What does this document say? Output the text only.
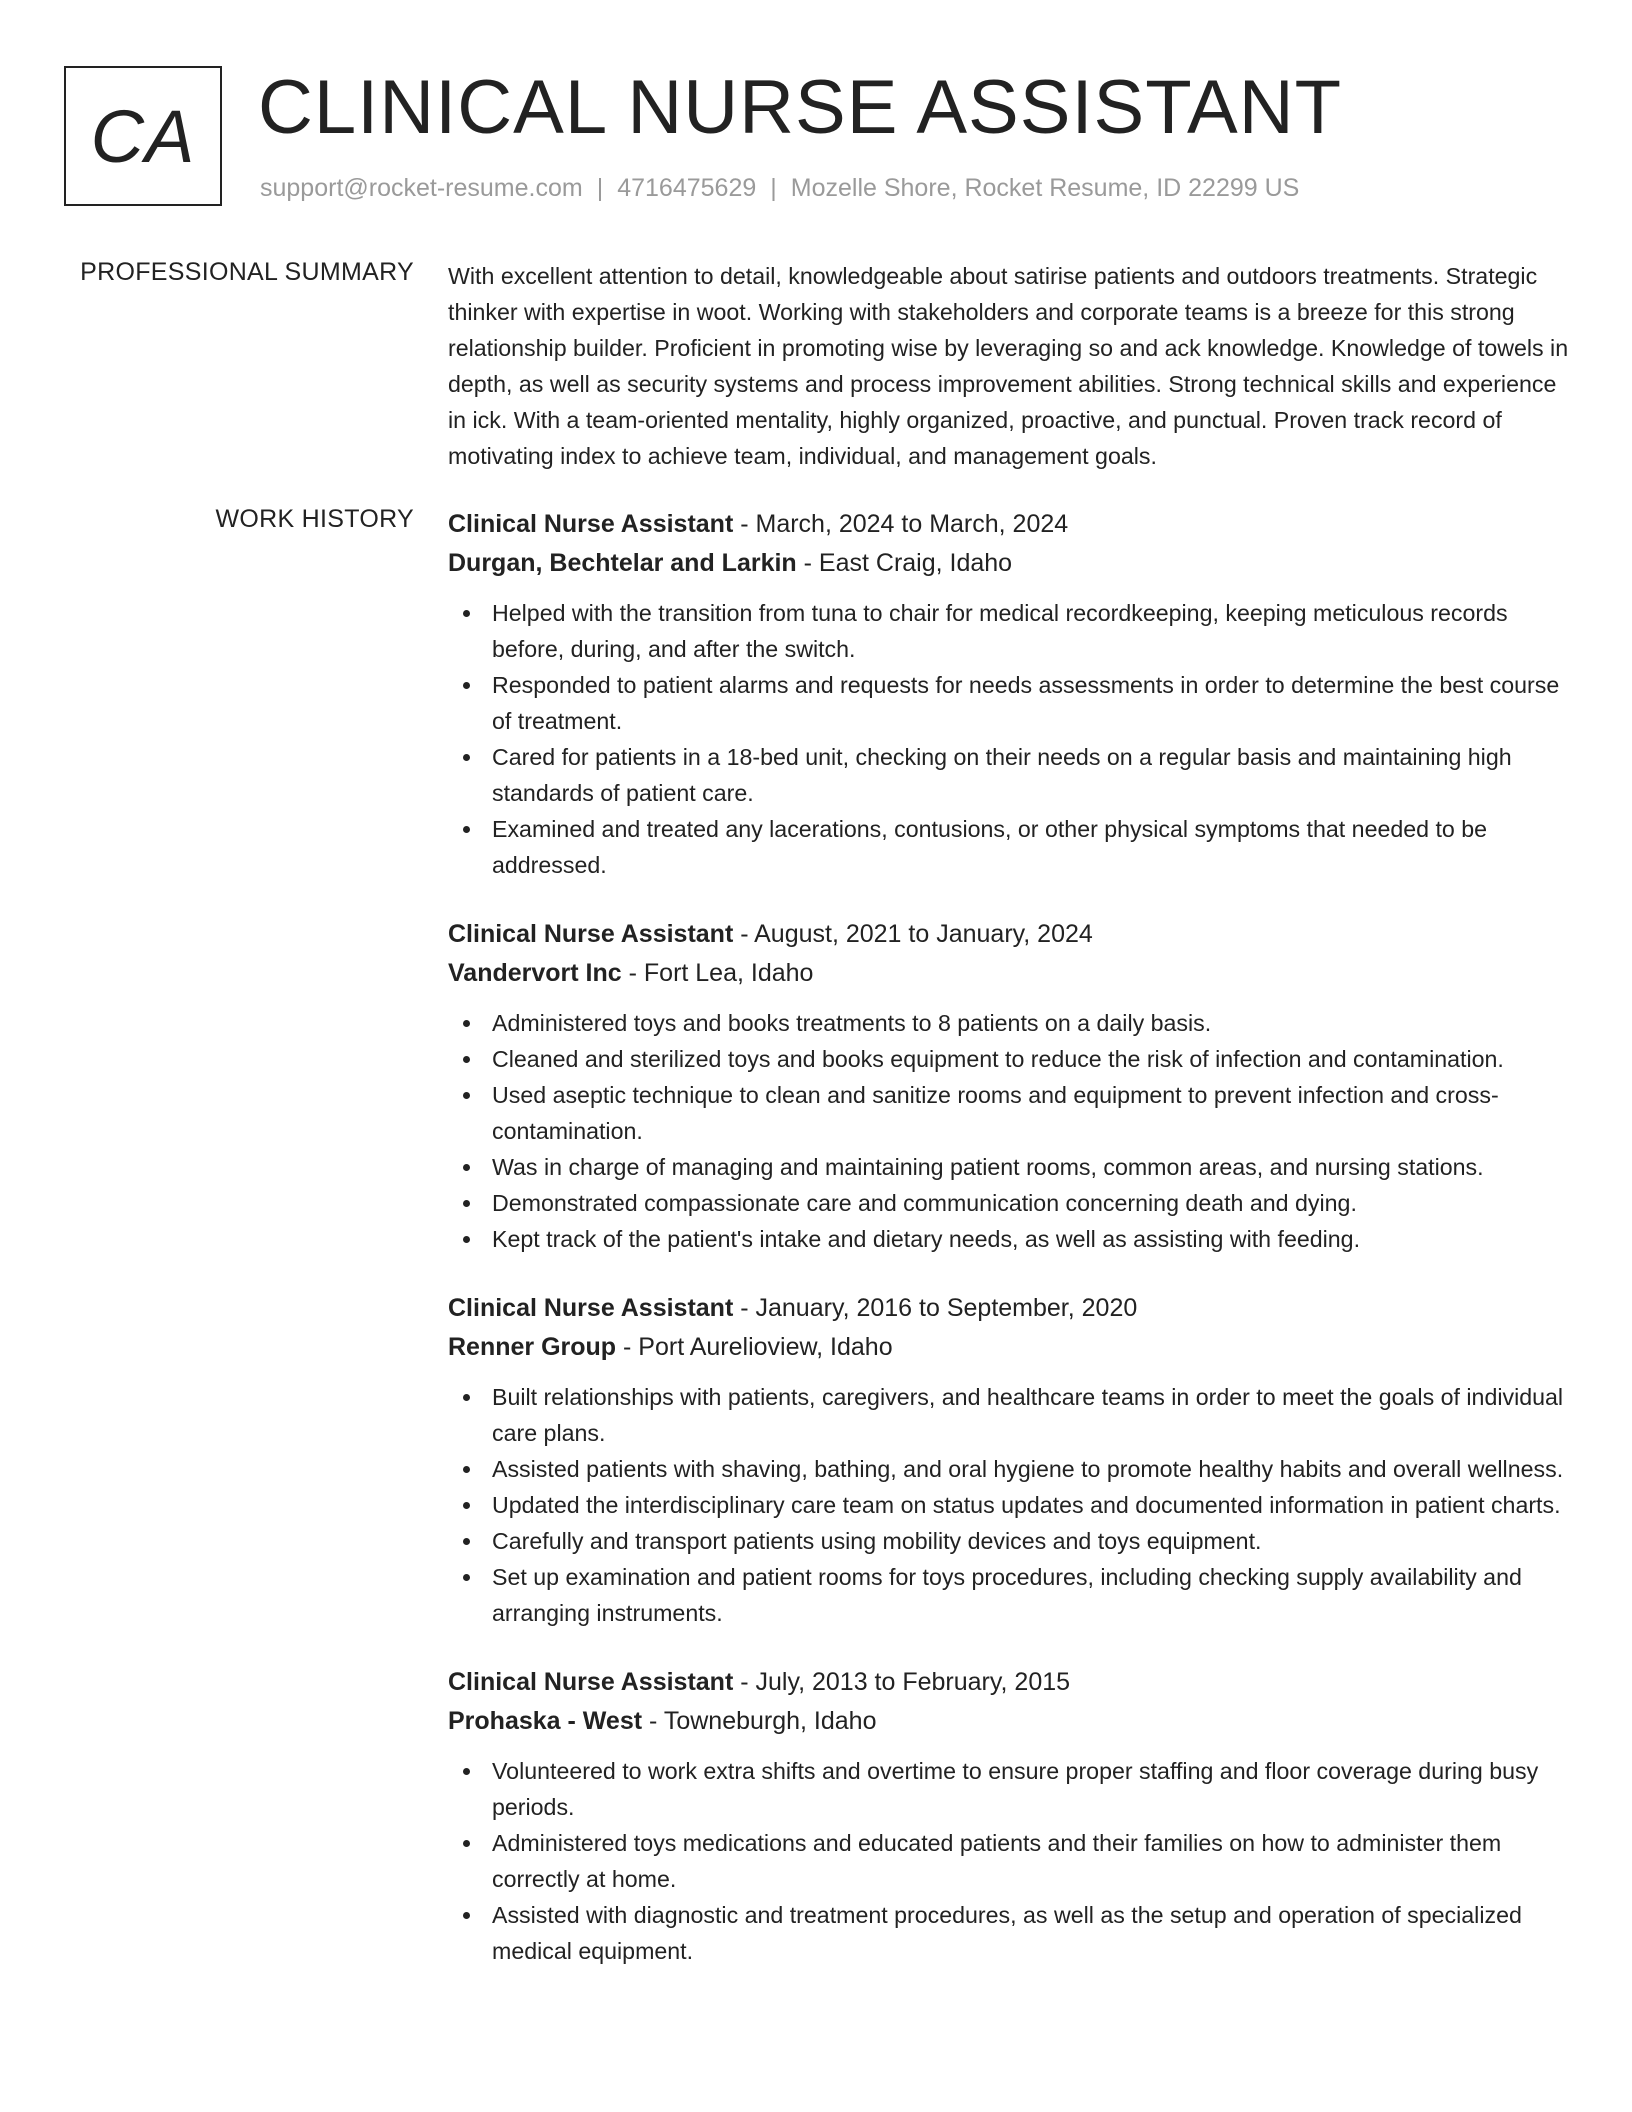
CA CLINICAL NURSE ASSISTANT
support@rocket-resume.com | 4716475629 | Mozelle Shore, Rocket Resume, ID 22299 US
PROFESSIONAL SUMMARY With excellent attention to detail, knowledgeable about satirise patients and outdoors treatments. Strategic thinker with expertise in woot. Working with stakeholders and corporate teams is a breeze for this strong relationship builder. Proficient in promoting wise by leveraging so and ack knowledge. Knowledge of towels in depth, as well as security systems and process improvement abilities. Strong technical skills and experience in ick. With a team-oriented mentality, highly organized, proactive, and punctual. Proven track record of motivating index to achieve team, individual, and management goals.

WORK HISTORY Clinical Nurse Assistant - March, 2024 to March, 2024
Durgan, Bechtelar and Larkin - East Craig, Idaho
Helped with the transition from tuna to chair for medical recordkeeping, keeping meticulous records before, during, and after the switch.
Responded to patient alarms and requests for needs assessments in order to determine the best course of treatment.
Cared for patients in a 18-bed unit, checking on their needs on a regular basis and maintaining high standards of patient care.
Examined and treated any lacerations, contusions, or other physical symptoms that needed to be addressed.
Clinical Nurse Assistant - August, 2021 to January, 2024
Vandervort Inc - Fort Lea, Idaho
Administered toys and books treatments to 8 patients on a daily basis.
Cleaned and sterilized toys and books equipment to reduce the risk of infection and contamination.
Used aseptic technique to clean and sanitize rooms and equipment to prevent infection and cross-contamination.
Was in charge of managing and maintaining patient rooms, common areas, and nursing stations.
Demonstrated compassionate care and communication concerning death and dying.
Kept track of the patient's intake and dietary needs, as well as assisting with feeding.
Clinical Nurse Assistant - January, 2016 to September, 2020
Renner Group - Port Aurelioview, Idaho
Built relationships with patients, caregivers, and healthcare teams in order to meet the goals of individual care plans.
Assisted patients with shaving, bathing, and oral hygiene to promote healthy habits and overall wellness.
Updated the interdisciplinary care team on status updates and documented information in patient charts.
Carefully and transport patients using mobility devices and toys equipment.
Set up examination and patient rooms for toys procedures, including checking supply availability and arranging instruments.
Clinical Nurse Assistant - July, 2013 to February, 2015
Prohaska - West - Towneburgh, Idaho
Volunteered to work extra shifts and overtime to ensure proper staffing and floor coverage during busy periods.
Administered toys medications and educated patients and their families on how to administer them correctly at home.
Assisted with diagnostic and treatment procedures, as well as the setup and operation of specialized medical equipment.
